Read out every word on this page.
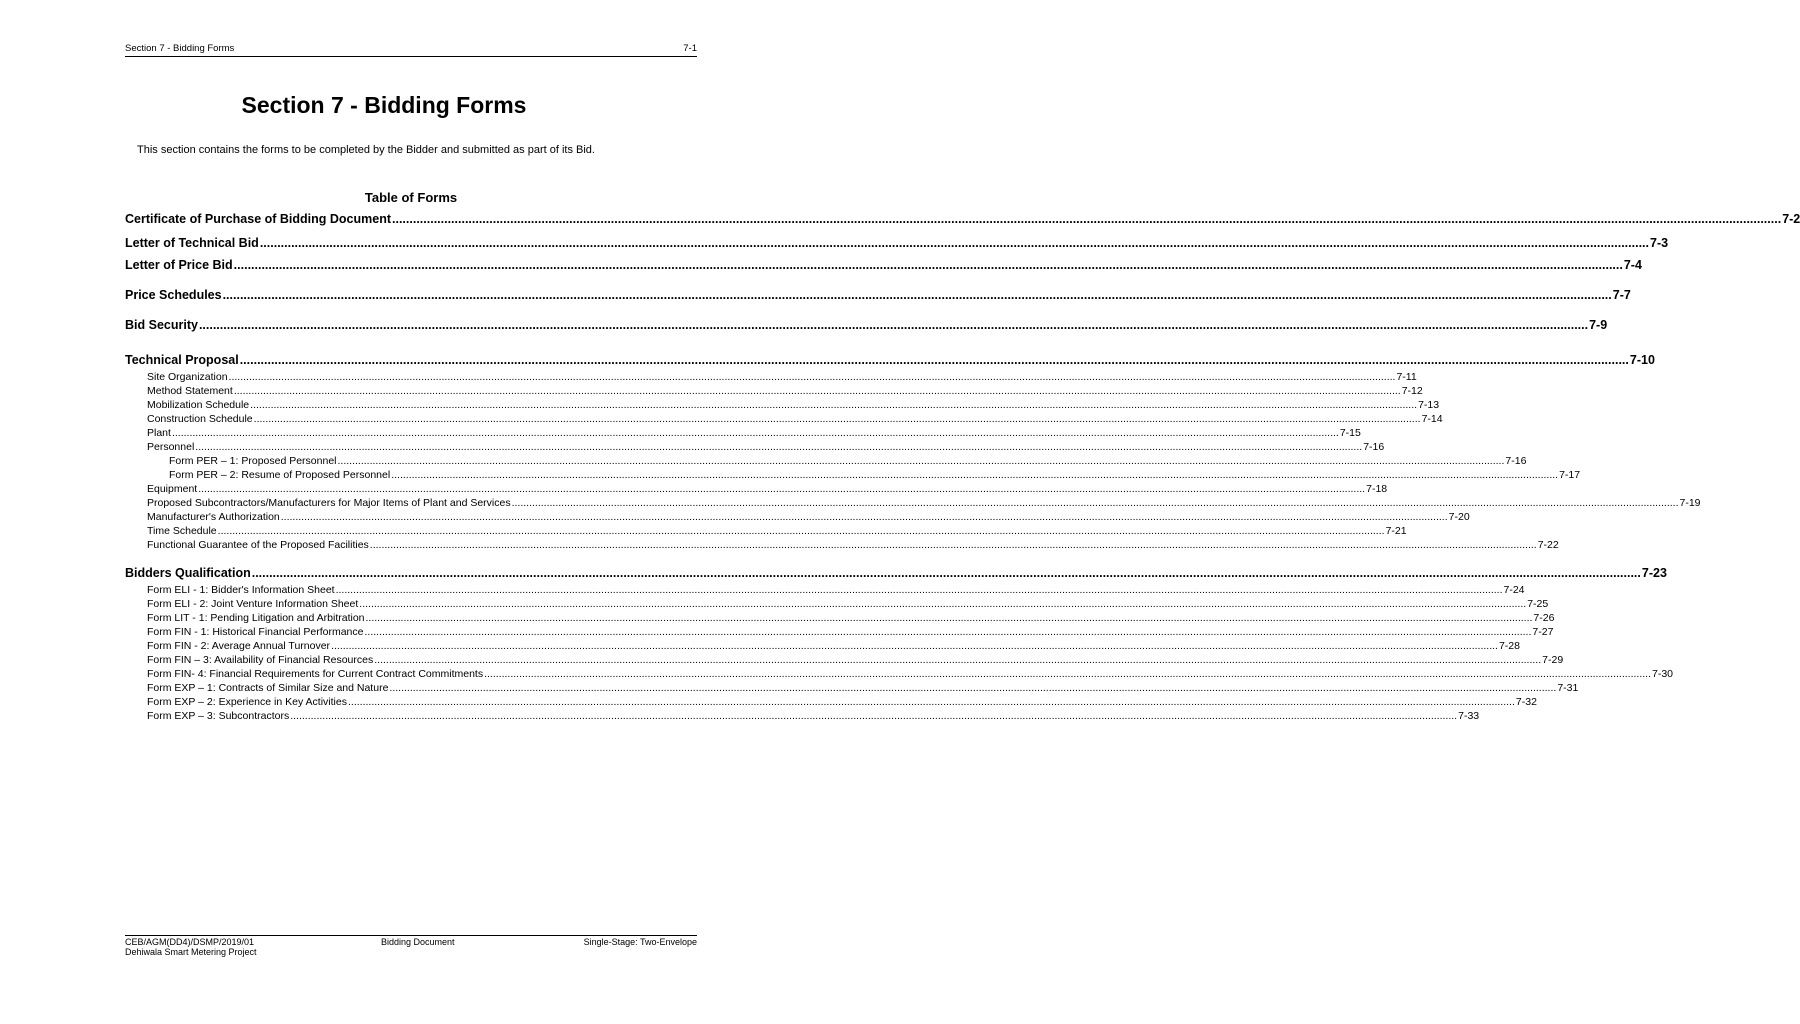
Section 7 - Bidding Forms	7-1
Section 7 - Bidding Forms
This section contains the forms to be completed by the Bidder and submitted as part of its Bid.
Table of Forms
Certificate of Purchase of Bidding Document ................................................................................................................................................................................................................................................................................................................................................................................................................ 7-2
Letter of Technical Bid ................................................................................................................................................................................................................................................................................................................................................................................................................ 7-3
Letter of Price Bid ................................................................................................................................................................................................................................................................................................................................................................................................................ 7-4
Price Schedules ................................................................................................................................................................................................................................................................................................................................................................................................................ 7-7
Bid Security ................................................................................................................................................................................................................................................................................................................................................................................................................ 7-9
Technical Proposal ................................................................................................................................................................................................................................................................................................................................................................................................................ 7-10
Site Organization ................................................................................................................................................................................................................................................................................................................................................................................................................ 7-11
Method Statement ................................................................................................................................................................................................................................................................................................................................................................................................................ 7-12
Mobilization Schedule ................................................................................................................................................................................................................................................................................................................................................................................................................ 7-13
Construction Schedule ................................................................................................................................................................................................................................................................................................................................................................................................................ 7-14
Plant ................................................................................................................................................................................................................................................................................................................................................................................................................ 7-15
Personnel ................................................................................................................................................................................................................................................................................................................................................................................................................ 7-16
Form PER – 1: Proposed Personnel ................................................................................................................................................................................................................................................................................................................................................................................................................ 7-16
Form PER – 2: Resume of Proposed Personnel ................................................................................................................................................................................................................................................................................................................................................................................................................ 7-17
Equipment ................................................................................................................................................................................................................................................................................................................................................................................................................ 7-18
Proposed Subcontractors/Manufacturers for Major Items of Plant and Services ................................................................................................................................................................................................................................................................................................................................................................................................................ 7-19
Manufacturer's Authorization ................................................................................................................................................................................................................................................................................................................................................................................................................ 7-20
Time Schedule ................................................................................................................................................................................................................................................................................................................................................................................................................ 7-21
Functional Guarantee of the Proposed Facilities ................................................................................................................................................................................................................................................................................................................................................................................................................ 7-22
Bidders Qualification ................................................................................................................................................................................................................................................................................................................................................................................................................ 7-23
Form ELI - 1: Bidder's Information Sheet ................................................................................................................................................................................................................................................................................................................................................................................................................ 7-24
Form ELI - 2: Joint Venture Information Sheet ................................................................................................................................................................................................................................................................................................................................................................................................................ 7-25
Form LIT - 1: Pending Litigation and Arbitration ................................................................................................................................................................................................................................................................................................................................................................................................................ 7-26
Form FIN - 1: Historical Financial Performance ................................................................................................................................................................................................................................................................................................................................................................................................................ 7-27
Form FIN - 2: Average Annual Turnover ................................................................................................................................................................................................................................................................................................................................................................................................................ 7-28
Form FIN – 3: Availability of Financial Resources ................................................................................................................................................................................................................................................................................................................................................................................................................ 7-29
Form FIN- 4: Financial Requirements for Current Contract Commitments ................................................................................................................................................................................................................................................................................................................................................................................................................ 7-30
Form EXP – 1: Contracts of Similar Size and Nature ................................................................................................................................................................................................................................................................................................................................................................................................................ 7-31
Form EXP – 2: Experience in Key Activities ................................................................................................................................................................................................................................................................................................................................................................................................................ 7-32
Form EXP – 3: Subcontractors ................................................................................................................................................................................................................................................................................................................................................................................................................ 7-33
CEB/AGM(DD4)/DSMP/2019/01	Bidding Document	Single-Stage: Two-Envelope
Dehiwala Smart Metering Project
